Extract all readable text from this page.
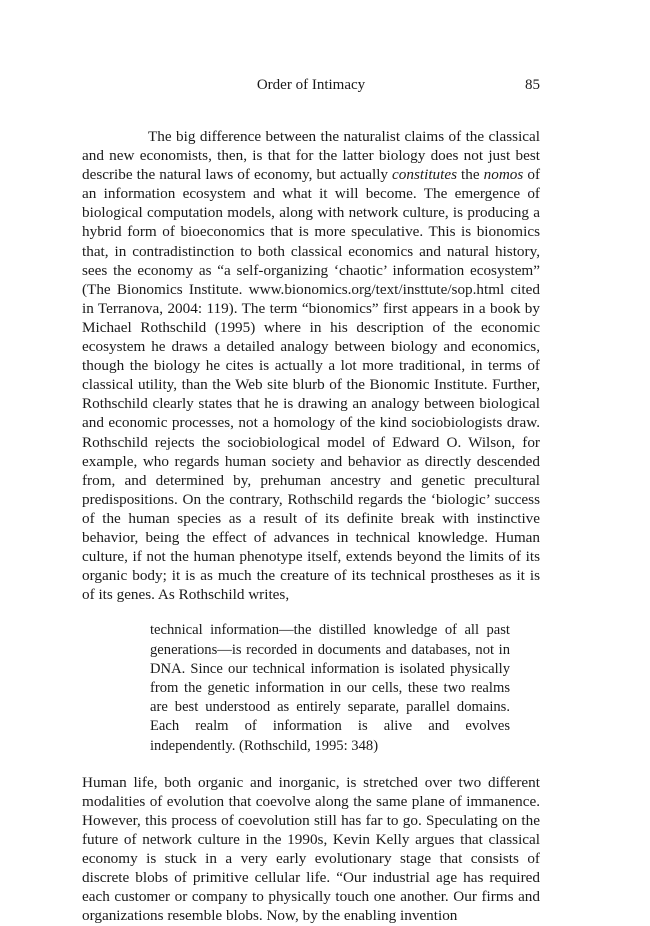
Order of Intimacy	85

The big difference between the naturalist claims of the classical and new economists, then, is that for the latter biology does not just best describe the natural laws of economy, but actually constitutes the nomos of an information ecosystem and what it will become. The emergence of biological computation models, along with network culture, is producing a hybrid form of bioeconomics that is more speculative. This is bionomics that, in contradistinction to both classical economics and natural history, sees the economy as “a self-organizing ‘chaotic’ information ecosystem” (The Bionomics Institute. www.bionomics.org/text/insttute/sop.html cited in Terranova, 2004: 119). The term “bionomics” first appears in a book by Michael Rothschild (1995) where in his description of the economic ecosystem he draws a detailed analogy between biology and economics, though the biology he cites is actually a lot more traditional, in terms of classical utility, than the Web site blurb of the Bionomic Institute. Further, Rothschild clearly states that he is drawing an analogy between biological and economic processes, not a homology of the kind sociobiologists draw. Rothschild rejects the sociobiological model of Edward O. Wilson, for example, who regards human society and behavior as directly descended from, and determined by, prehuman ancestry and genetic precultural predispositions. On the contrary, Rothschild regards the ‘biologic’ success of the human species as a result of its definite break with instinctive behavior, being the effect of advances in technical knowledge. Human culture, if not the human phenotype itself, extends beyond the limits of its organic body; it is as much the creature of its technical prostheses as it is of its genes. As Rothschild writes,

technical information—the distilled knowledge of all past generations—is recorded in documents and databases, not in DNA. Since our technical information is isolated physically from the genetic information in our cells, these two realms are best understood as entirely separate, parallel domains. Each realm of information is alive and evolves independently. (Rothschild, 1995: 348)

Human life, both organic and inorganic, is stretched over two different modalities of evolution that coevolve along the same plane of immanence. However, this process of coevolution still has far to go. Speculating on the future of network culture in the 1990s, Kevin Kelly argues that classical economy is stuck in a very early evolutionary stage that consists of discrete blobs of primitive cellular life. “Our industrial age has required each customer or company to physically touch one another. Our firms and organizations resemble blobs. Now, by the enabling invention
